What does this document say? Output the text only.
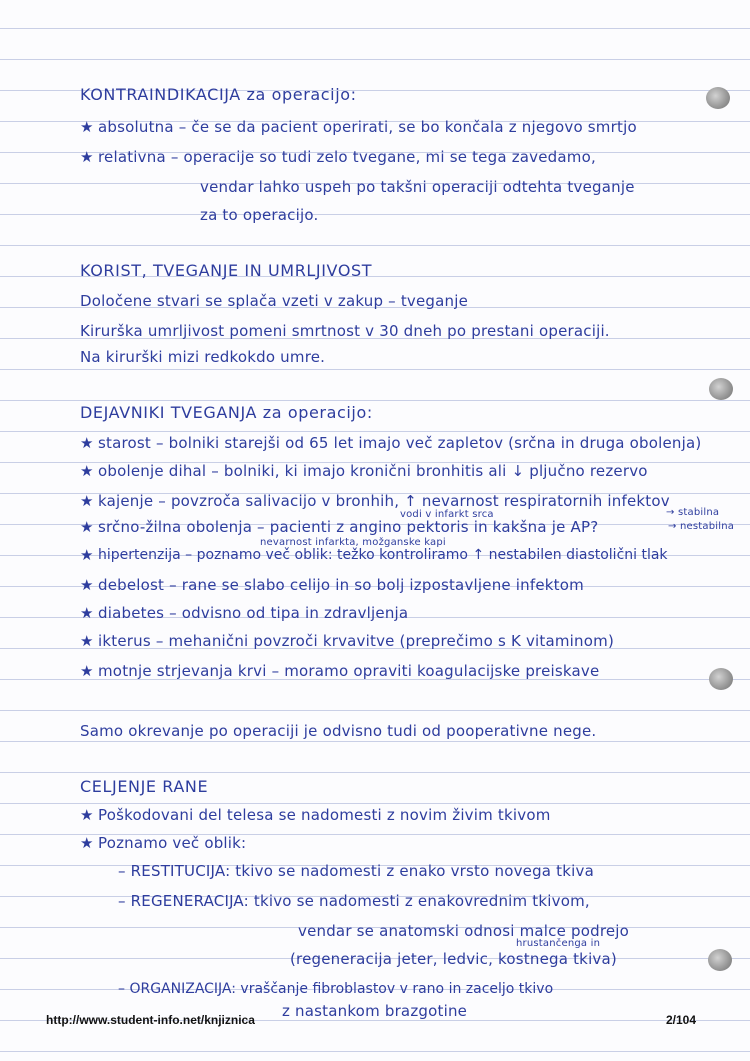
KONTRAINDIKACIJA za operacijo:
★ absolutna – če se da pacient operirati, se bo končala z njegovo smrtjo
★ relativna – operacije so tudi zelo tvegane, mi se tega zavedamo,
vendar lahko uspeh po takšni operaciji odtehta tveganje
za to operacijo.
KORIST, TVEGANJE IN UMRLJIVOST
Določene stvari se splača vzeti v zakup – tveganje
Kirurška umrljivost pomeni smrtnost v 30 dneh po prestani operaciji.
Na kirurški mizi redkokdo umre.
DEJAVNIKI TVEGANJA za operacijo:
★ starost – bolniki starejši od 65 let imajo več zapletov (srčna in druga obolenja)
★ obolenje dihal – bolniki, ki imajo kronični bronhitis ali ↓ pljučno rezervo
★ kajenje – povzroča salivacijo v bronhih, ↑ nevarnost respiratornih infektov
vodi v infarkt srca	→ stabilna
★ srčno-žilna obolenja – pacienti z angino pektoris in kakšna je AP?	→ nestabilna
nevarnost infarkta, možganske kapi
★ hipertenzija – poznamo več oblik: težko kontroliramo ↑ nestabilen diastolični tlak
★ debelost – rane se slabo celijo in so bolj izpostavljene infektom
★ diabetes – odvisno od tipa in zdravljenja
★ ikterus – mehanični povzroči krvavitve (preprečimo s K vitaminom)
★ motnje strjevanja krvi – moramo opraviti koagulacijske preiskave
Samo okrevanje po operaciji je odvisno tudi od pooperativne nege.
CELJENJE RANE
★ Poškodovani del telesa se nadomesti z novim živim tkivom
★ Poznamo več oblik:
– RESTITUCIJA: tkivo se nadomesti z enako vrsto novega tkiva
– REGENERACIJA: tkivo se nadomesti z enakovrednim tkivom,
vendar se anatomski odnosi malce podrejo
hrustančenga in
(regeneracija jeter, ledvic, kostnega tkiva)
– ORGANIZACIJA: vraščanje fibroblastov v rano in zaceljo tkivo
z nastankom brazgotine
http://www.student-info.net/knjiznica	2/104
